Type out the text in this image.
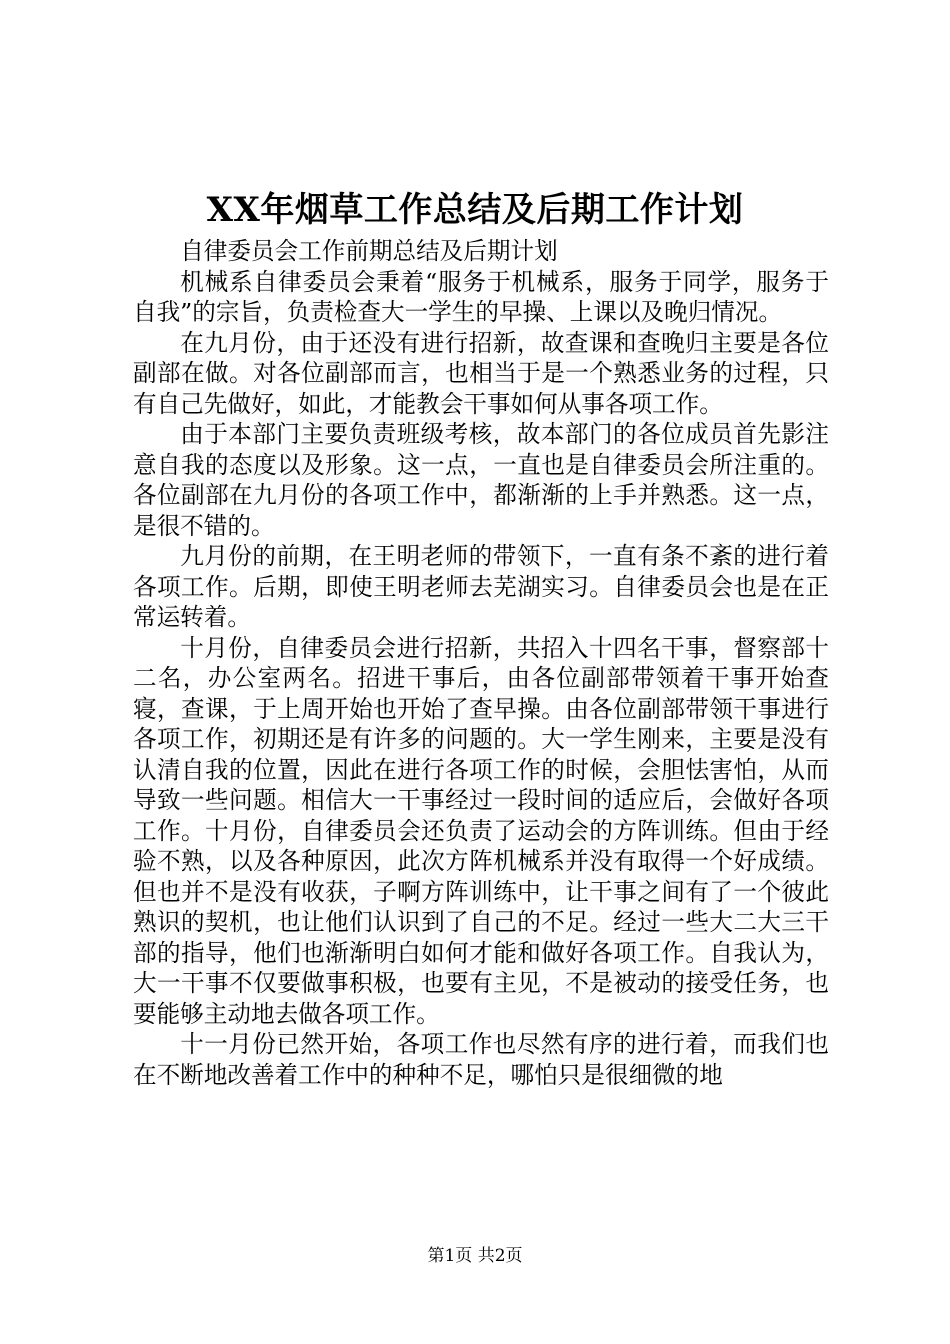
XX年烟草工作总结及后期工作计划

自律委员会工作前期总结及后期计划

机械系自律委员会秉着“服务于机械系，服务于同学，服务于自我”的宗旨，负责检查大一学生的早操、上课以及晚归情况。

在九月份，由于还没有进行招新，故查课和查晚归主要是各位副部在做。对各位副部而言，也相当于是一个熟悉业务的过程，只有自己先做好，如此，才能教会干事如何从事各项工作。

由于本部门主要负责班级考核，故本部门的各位成员首先影注意自我的态度以及形象。这一点，一直也是自律委员会所注重的。各位副部在九月份的各项工作中，都渐渐的上手并熟悉。这一点，是很不错的。

九月份的前期，在王明老师的带领下，一直有条不紊的进行着各项工作。后期，即使王明老师去芜湖实习。自律委员会也是在正常运转着。

十月份，自律委员会进行招新，共招入十四名干事，督察部十二名，办公室两名。招进干事后，由各位副部带领着干事开始查寝，查课，于上周开始也开始了查早操。由各位副部带领干事进行各项工作，初期还是有许多的问题的。大一学生刚来，主要是没有认清自我的位置，因此在进行各项工作的时候，会胆怯害怕，从而导致一些问题。相信大一干事经过一段时间的适应后，会做好各项工作。十月份，自律委员会还负责了运动会的方阵训练。但由于经验不熟，以及各种原因，此次方阵机械系并没有取得一个好成绩。但也并不是没有收获，子啊方阵训练中，让干事之间有了一个彼此熟识的契机，也让他们认识到了自己的不足。经过一些大二大三干部的指导，他们也渐渐明白如何才能和做好各项工作。自我认为，大一干事不仅要做事积极，也要有主见，不是被动的接受任务，也要能够主动地去做各项工作。

十一月份已然开始，各项工作也尽然有序的进行着，而我们也在不断地改善着工作中的种种不足，哪怕只是很细微的地

第1页 共2页
